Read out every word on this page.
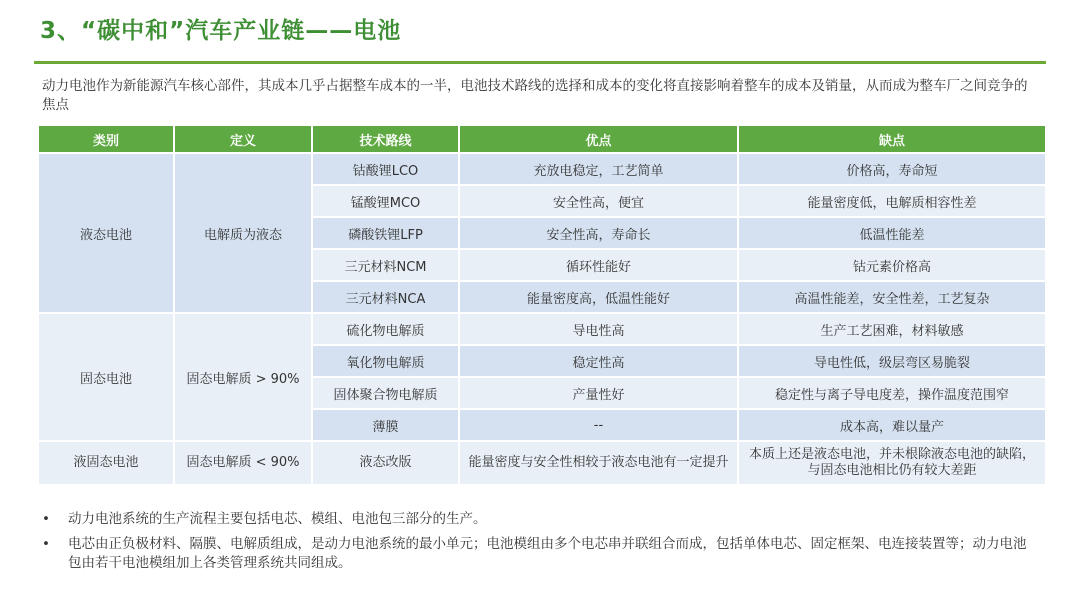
3、“碳中和”汽车产业链——电池
动力电池作为新能源汽车核心部件，其成本几乎占据整车成本的一半，电池技术路线的选择和成本的变化将直接影响着整车的成本及销量，从而成为整车厂之间竞争的焦点
类别	定义	技术路线	优点	缺点
液态电池	电解质为液态	钴酸锂LCO	充放电稳定，工艺简单	价格高，寿命短
		锰酸锂MCO	安全性高，便宜	能量密度低，电解质相容性差
		磷酸铁锂LFP	安全性高，寿命长	低温性能差
		三元材料NCM	循环性能好	钴元素价格高
		三元材料NCA	能量密度高，低温性能好	高温性能差，安全性差，工艺复杂
固态电池	固态电解质 > 90%	硫化物电解质	导电性高	生产工艺困难，材料敏感
		氧化物电解质	稳定性高	导电性低，级层弯区易脆裂
		固体聚合物电解质	产量性好	稳定性与离子导电度差，操作温度范围窄
		薄膜	--	成本高，难以量产
液固态电池	固态电解质 < 90%	液态改版	能量密度与安全性相较于液态电池有一定提升	本质上还是液态电池，并未根除液态电池的缺陷，与固态电池相比仍有较大差距
• 动力电池系统的生产流程主要包括电芯、模组、电池包三部分的生产。
• 电芯由正负极材料、隔膜、电解质组成，是动力电池系统的最小单元；电池模组由多个电芯串并联组合而成，包括单体电芯、固定框架、电连接装置等；动力电池包由若干电池模组加上各类管理系统共同组成。
